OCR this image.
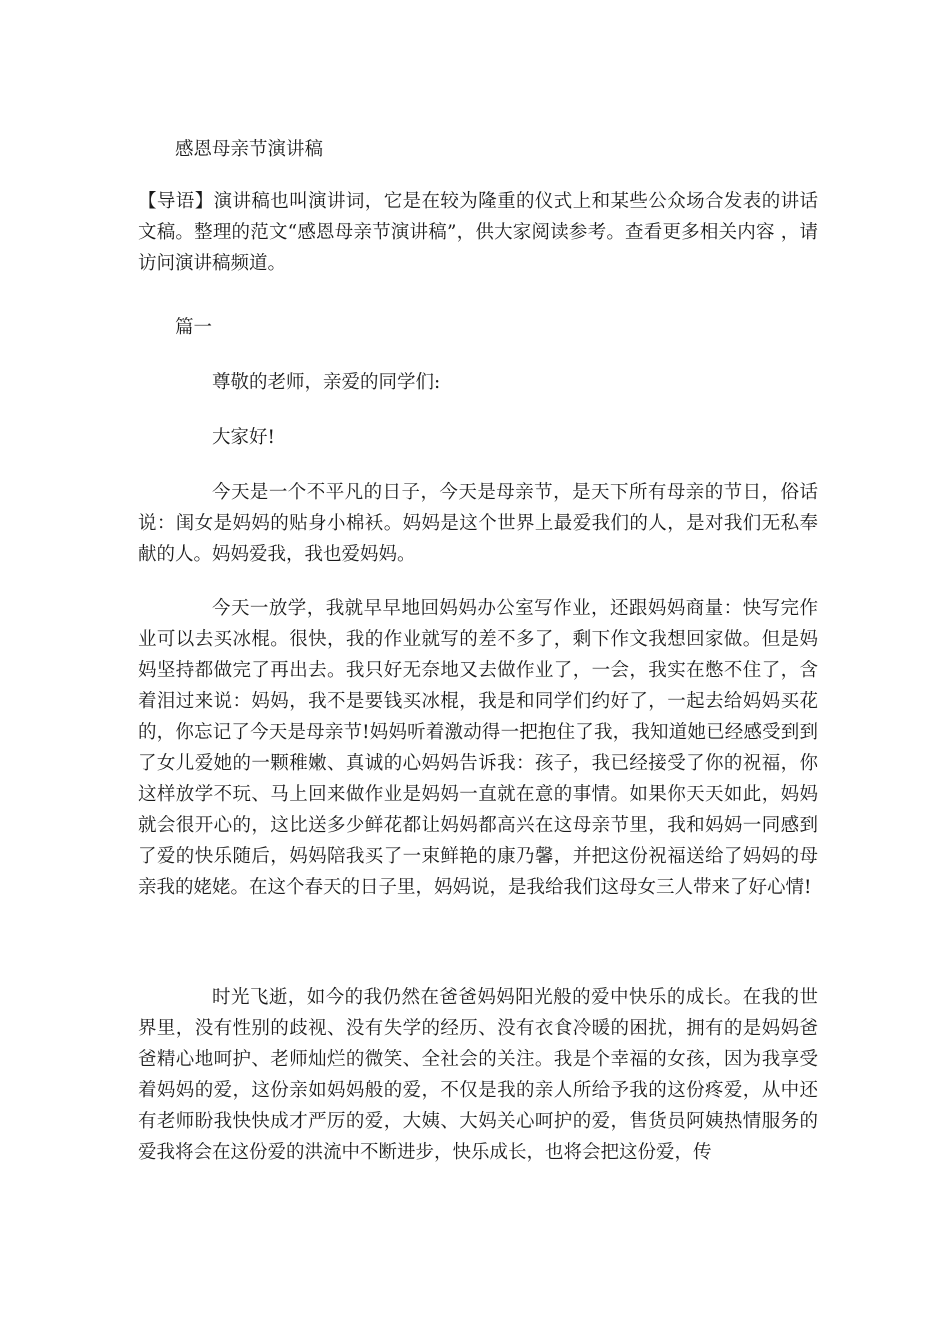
感恩母亲节演讲稿

【导语】演讲稿也叫演讲词，它是在较为隆重的仪式上和某些公众场合发表的讲话文稿。整理的范文“感恩母亲节演讲稿”，供大家阅读参考。查看更多相关内容 ，请访问演讲稿频道。

篇一

尊敬的老师，亲爱的同学们:

大家好!

今天是一个不平凡的日子，今天是母亲节，是天下所有母亲的节日，俗话说：闺女是妈妈的贴身小棉袄。妈妈是这个世界上最爱我们的人，是对我们无私奉献的人。妈妈爱我，我也爱妈妈。

今天一放学，我就早早地回妈妈办公室写作业，还跟妈妈商量：快写完作业可以去买冰棍。很快，我的作业就写的差不多了，剩下作文我想回家做。但是妈妈坚持都做完了再出去。我只好无奈地又去做作业了，一会，我实在憋不住了，含着泪过来说：妈妈，我不是要钱买冰棍，我是和同学们约好了，一起去给妈妈买花的，你忘记了今天是母亲节!妈妈听着激动得一把抱住了我，我知道她已经感受到到了女儿爱她的一颗稚嫩、真诚的心妈妈告诉我：孩子，我已经接受了你的祝福，你这样放学不玩、马上回来做作业是妈妈一直就在意的事情。如果你天天如此，妈妈就会很开心的，这比送多少鲜花都让妈妈都高兴在这母亲节里，我和妈妈一同感到了爱的快乐随后，妈妈陪我买了一束鲜艳的康乃馨，并把这份祝福送给了妈妈的母亲我的姥姥。在这个春天的日子里，妈妈说，是我给我们这母女三人带来了好心情!

时光飞逝，如今的我仍然在爸爸妈妈阳光般的爱中快乐的成长。在我的世界里，没有性别的歧视、没有失学的经历、没有衣食冷暖的困扰，拥有的是妈妈爸爸精心地呵护、老师灿烂的微笑、全社会的关注。我是个幸福的女孩，因为我享受着妈妈的爱，这份亲如妈妈般的爱，不仅是我的亲人所给予我的这份疼爱，从中还有老师盼我快快成才严厉的爱，大姨、大妈关心呵护的爱，售货员阿姨热情服务的爱我将会在这份爱的洪流中不断进步，快乐成长，也将会把这份爱，传
